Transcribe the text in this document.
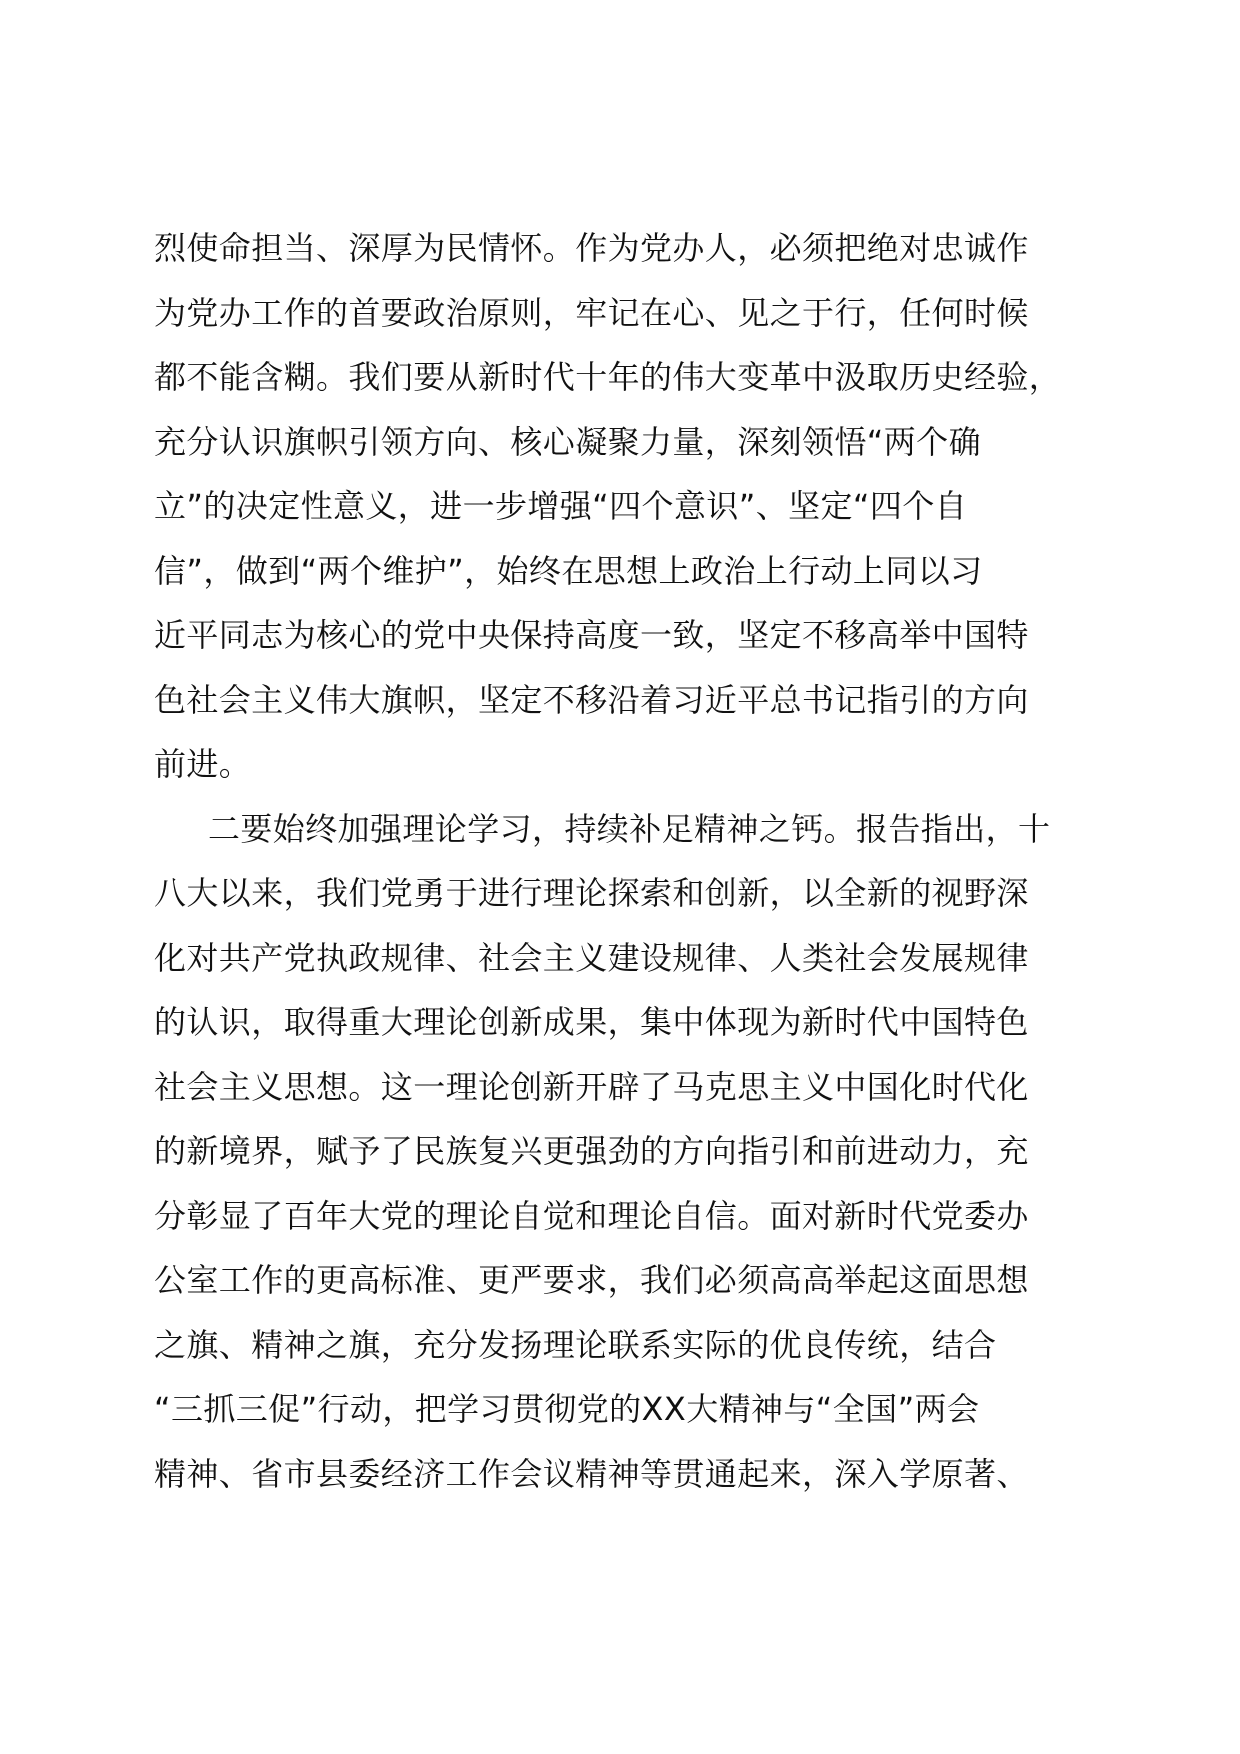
烈使命担当、深厚为民情怀。作为党办人，必须把绝对忠诚作
为党办工作的首要政治原则，牢记在心、见之于行，任何时候
都不能含糊。我们要从新时代十年的伟大变革中汲取历史经验，
充分认识旗帜引领方向、核心凝聚力量，深刻领悟“两个确
立”的决定性意义，进一步增强“四个意识”、坚定“四个自
信”，做到“两个维护”，始终在思想上政治上行动上同以习
近平同志为核心的党中央保持高度一致，坚定不移高举中国特
色社会主义伟大旗帜，坚定不移沿着习近平总书记指引的方向
前进。
二要始终加强理论学习，持续补足精神之钙。报告指出，十
八大以来，我们党勇于进行理论探索和创新，以全新的视野深
化对共产党执政规律、社会主义建设规律、人类社会发展规律
的认识，取得重大理论创新成果，集中体现为新时代中国特色
社会主义思想。这一理论创新开辟了马克思主义中国化时代化
的新境界，赋予了民族复兴更强劲的方向指引和前进动力，充
分彰显了百年大党的理论自觉和理论自信。面对新时代党委办
公室工作的更高标准、更严要求，我们必须高高举起这面思想
之旗、精神之旗，充分发扬理论联系实际的优良传统，结合
“三抓三促”行动，把学习贯彻党的XX大精神与“全国”两会
精神、省市县委经济工作会议精神等贯通起来，深入学原著、
